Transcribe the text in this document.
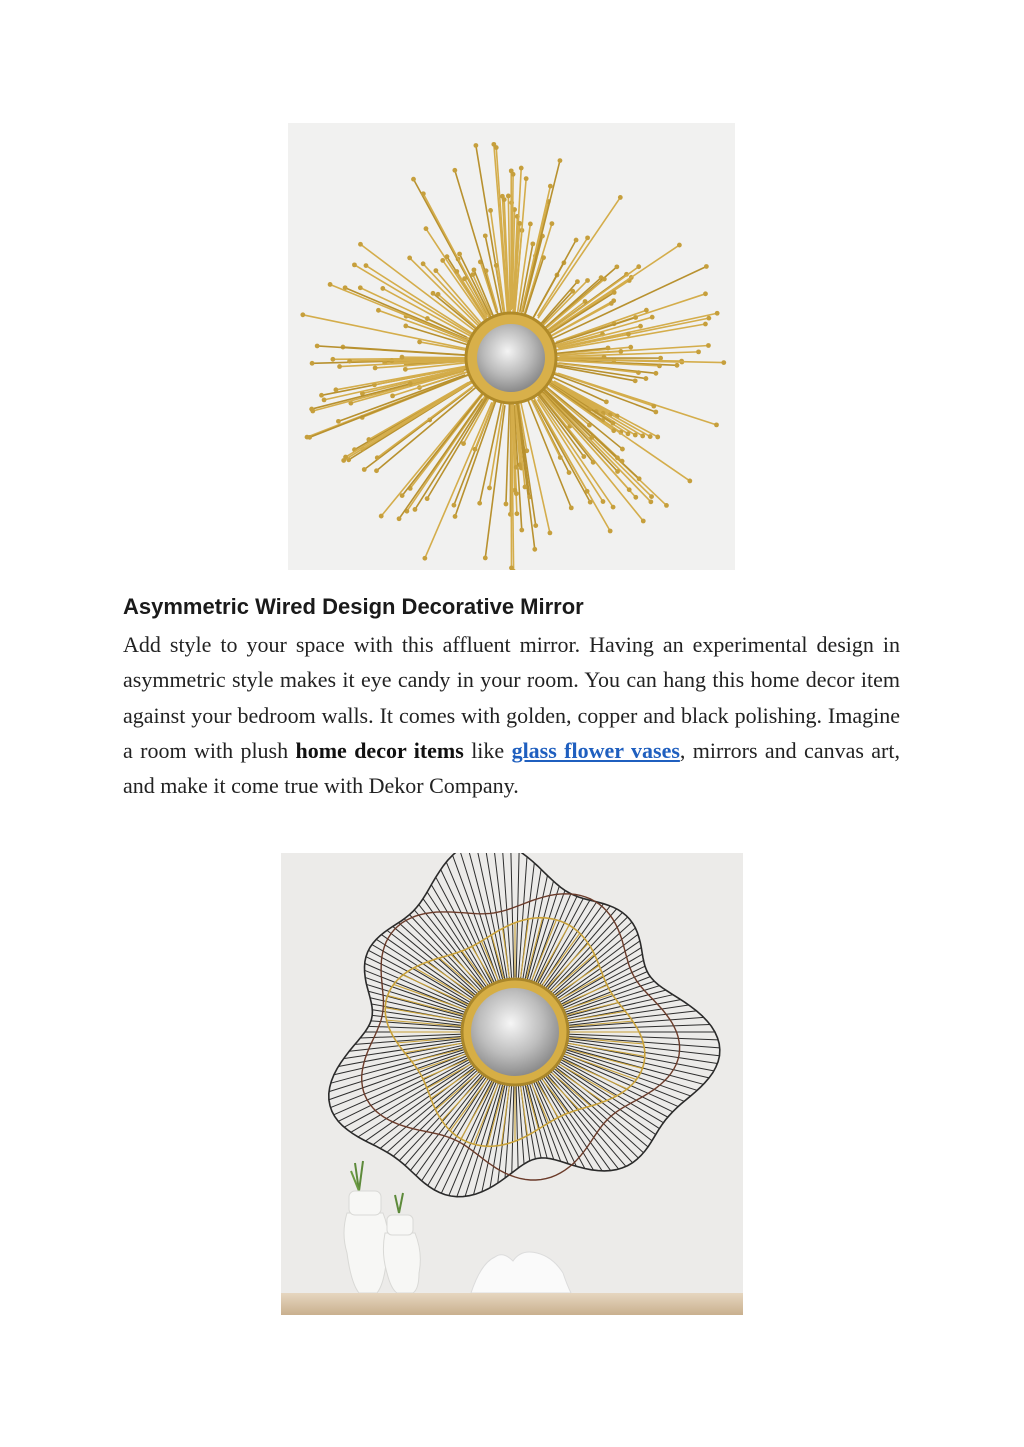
Asymmetric Wired Design Decorative Mirror

Add style to your space with this affluent mirror. Having an experimental design in asymmetric style makes it eye candy in your room. You can hang this home decor item against your bedroom walls. It comes with golden, copper and black polishing. Imagine a room with plush home decor items like glass flower vases, mirrors and canvas art, and make it come true with Dekor Company.
